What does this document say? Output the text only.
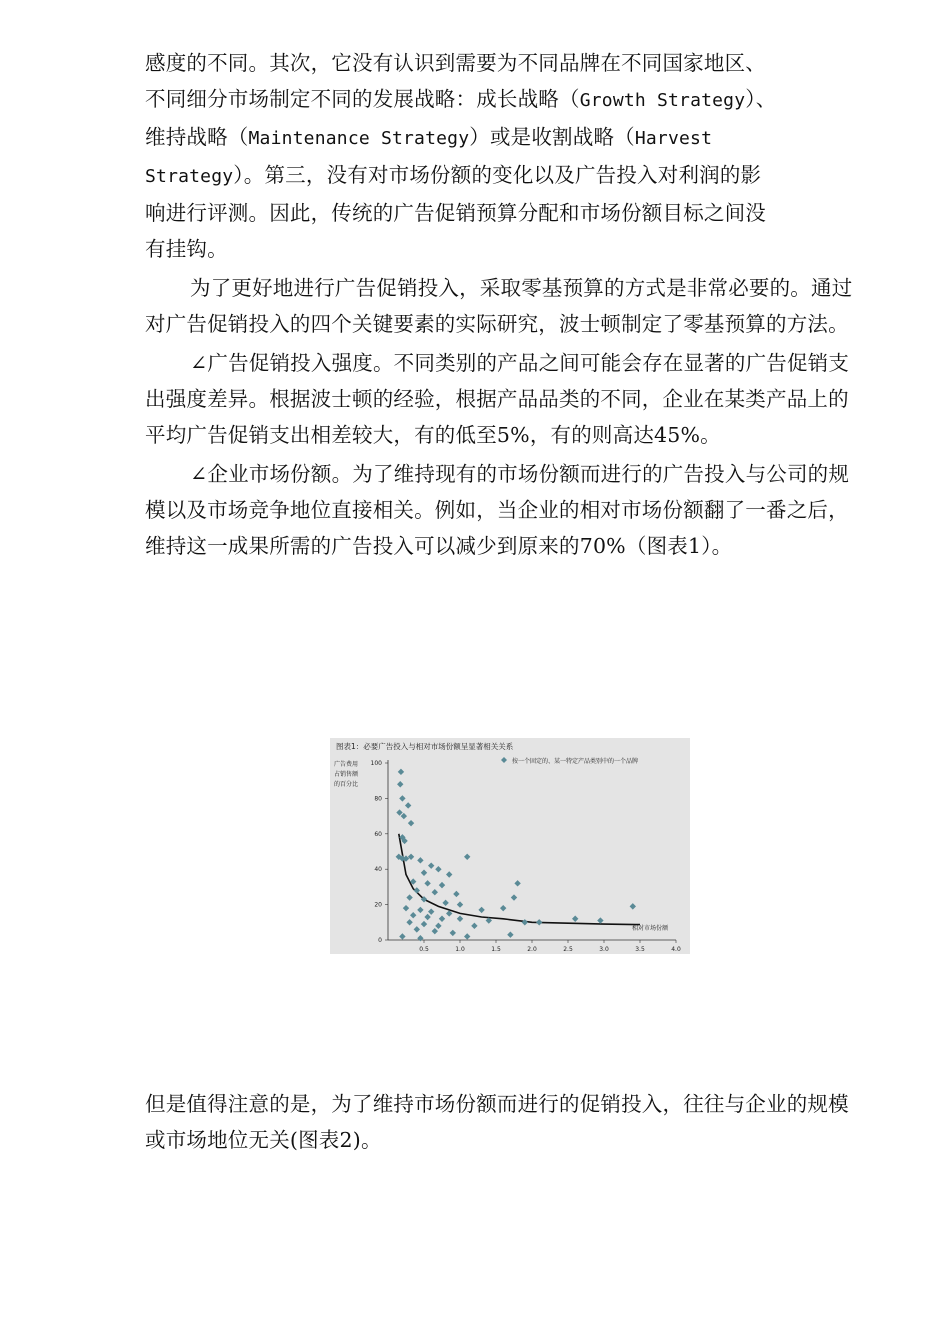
感度的不同。其次，它没有认识到需要为不同品牌在不同国家地区、
不同细分市场制定不同的发展战略：成长战略（Growth Strategy）、
维持战略（Maintenance Strategy）或是收割战略（Harvest
Strategy）。第三，没有对市场份额的变化以及广告投入对利润的影
响进行评测。因此，传统的广告促销预算分配和市场份额目标之间没
有挂钩。

为了更好地进行广告促销投入，采取零基预算的方式是非常必要的。通过对广告促销投入的四个关键要素的实际研究，波士顿制定了零基预算的方法。

∠广告促销投入强度。不同类别的产品之间可能会存在显著的广告促销支出强度差异。根据波士顿的经验，根据产品品类的不同，企业在某类产品上的平均广告促销支出相差较大，有的低至5%，有的则高达45%。

∠企业市场份额。为了维持现有的市场份额而进行的广告投入与公司的规模以及市场竞争地位直接相关。例如，当企业的相对市场份额翻了一番之后，维持这一成果所需的广告投入可以减少到原来的70%（图表1）。

图表1：必要广告投入与相对市场份额呈显著相关关系
广告费用
占销售额
的百分比
0
20
40
60
80
100
0.5	1.0	1.5	2.0	2.5	3.0	3.5	4.0
相对市场份额
按一个固定的、某一特定产品类别中的一个品牌

但是值得注意的是，为了维持市场份额而进行的促销投入，往往与企业的规模或市场地位无关(图表2)。
